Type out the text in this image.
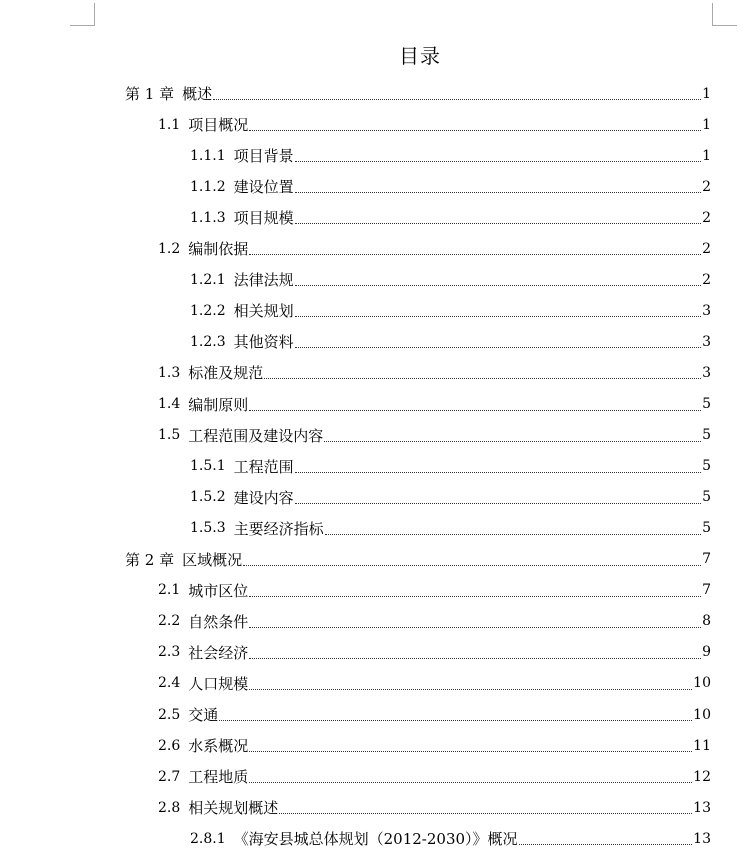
目录
第 1 章 概述	1
1.1 项目概况	1
1.1.1 项目背景	1
1.1.2 建设位置	2
1.1.3 项目规模	2
1.2 编制依据	2
1.2.1 法律法规	2
1.2.2 相关规划	3
1.2.3 其他资料	3
1.3 标准及规范	3
1.4 编制原则	5
1.5 工程范围及建设内容	5
1.5.1 工程范围	5
1.5.2 建设内容	5
1.5.3 主要经济指标	5
第 2 章 区域概况	7
2.1 城市区位	7
2.2 自然条件	8
2.3 社会经济	9
2.4 人口规模	10
2.5 交通	10
2.6 水系概况	11
2.7 工程地质	12
2.8 相关规划概述	13
2.8.1 《海安县城总体规划（2012-2030）》概况	13
